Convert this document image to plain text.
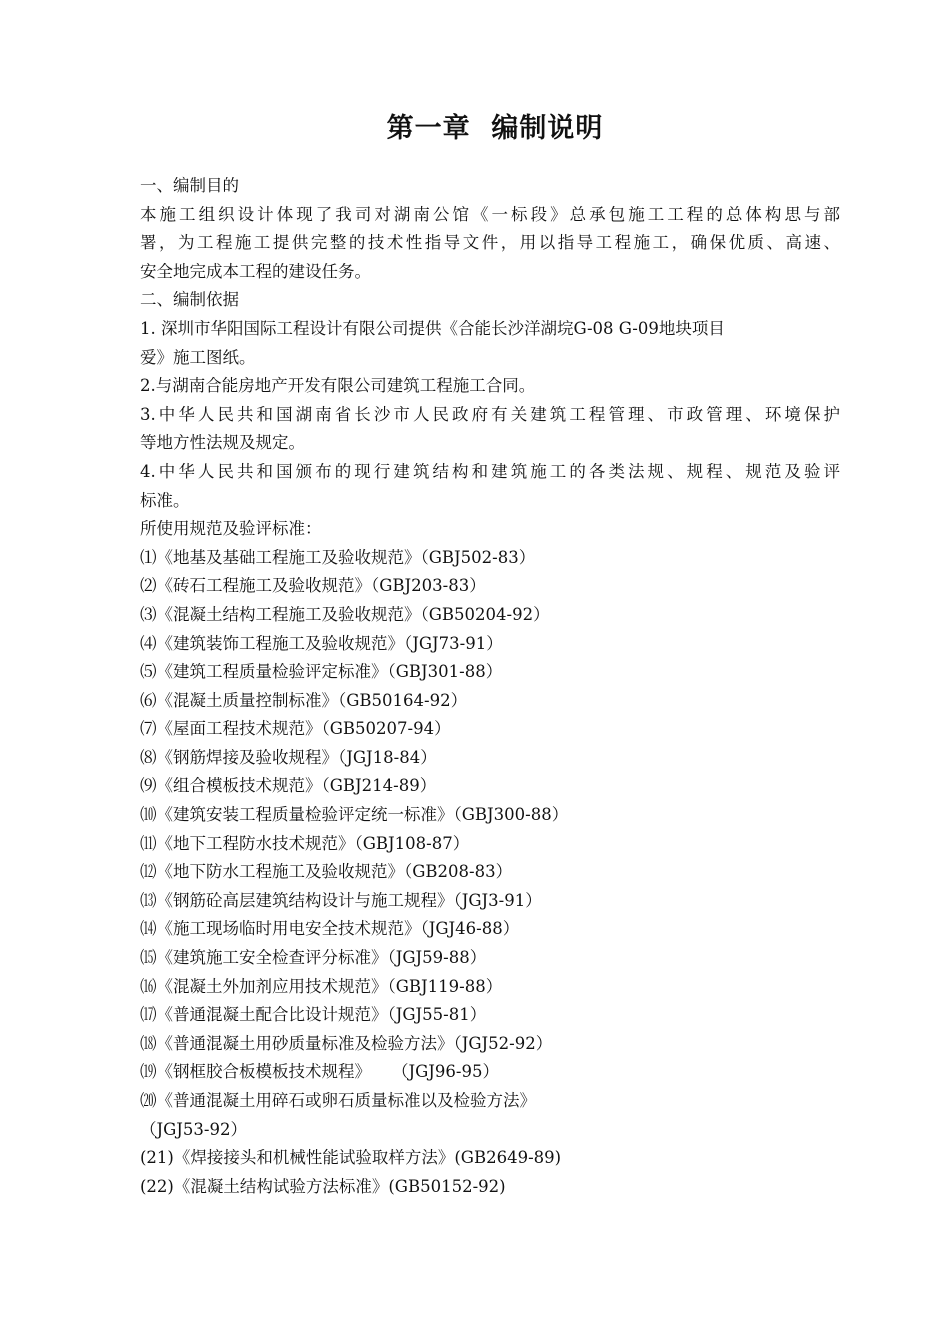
第一章  编制说明
一、编制目的
本施工组织设计体现了我司对湖南公馆《一标段》总承包施工工程的总体构思与部
署，为工程施工提供完整的技术性指导文件，用以指导工程施工，确保优质、高速、
安全地完成本工程的建设任务。
二、编制依据
1. 深圳市华阳国际工程设计有限公司提供《合能长沙洋湖垸G-08 G-09地块项目
爱》施工图纸。
2.与湖南合能房地产开发有限公司建筑工程施工合同。
3.中华人民共和国湖南省长沙市人民政府有关建筑工程管理、市政管理、环境保护
等地方性法规及规定。
4.中华人民共和国颁布的现行建筑结构和建筑施工的各类法规、规程、规范及验评
标准。
所使用规范及验评标准：
⑴《地基及基础工程施工及验收规范》（GBJ502-83）
⑵《砖石工程施工及验收规范》（GBJ203-83）
⑶《混凝土结构工程施工及验收规范》（GB50204-92）
⑷《建筑装饰工程施工及验收规范》（JGJ73-91）
⑸《建筑工程质量检验评定标准》（GBJ301-88）
⑹《混凝土质量控制标准》（GB50164-92）
⑺《屋面工程技术规范》（GB50207-94）
⑻《钢筋焊接及验收规程》（JGJ18-84）
⑼《组合模板技术规范》（GBJ214-89）
⑽《建筑安装工程质量检验评定统一标准》（GBJ300-88）
⑾《地下工程防水技术规范》（GBJ108-87）
⑿《地下防水工程施工及验收规范》（GB208-83）
⒀《钢筋砼高层建筑结构设计与施工规程》（JGJ3-91）
⒁《施工现场临时用电安全技术规范》（JGJ46-88）
⒂《建筑施工安全检查评分标准》（JGJ59-88）
⒃《混凝土外加剂应用技术规范》（GBJ119-88）
⒄《普通混凝土配合比设计规范》（JGJ55-81）
⒅《普通混凝土用砂质量标准及检验方法》（JGJ52-92）
⒆《钢框胶合板模板技术规程》    （JGJ96-95）
⒇《普通混凝土用碎石或卵石质量标准以及检验方法》
（JGJ53-92）
(21)《焊接接头和机械性能试验取样方法》(GB2649-89)
(22)《混凝土结构试验方法标准》(GB50152-92)
